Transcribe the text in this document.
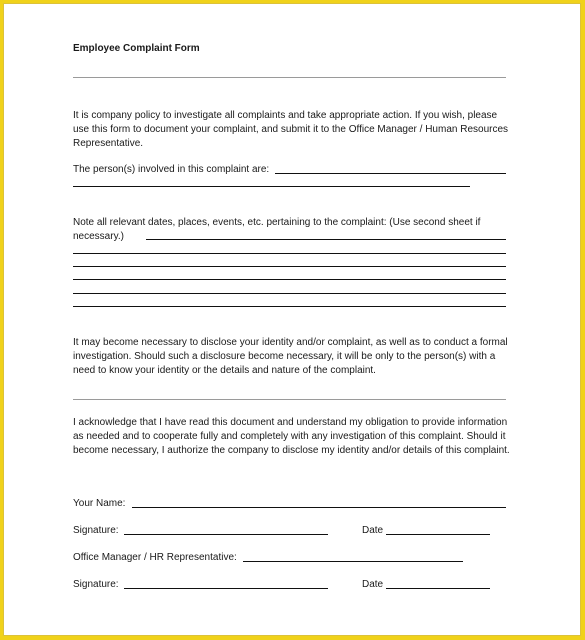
Employee Complaint Form
It is company policy to investigate all complaints and take appropriate action. If you wish, please use this form to document your complaint, and submit it to the Office Manager / Human Resources Representative.
The person(s) involved in this complaint are:
Note all relevant dates, places, events, etc. pertaining to the complaint: (Use second sheet if
necessary.)
It may become necessary to disclose your identity and/or complaint, as well as to conduct a formal investigation. Should such a disclosure become necessary, it will be only to the person(s) with a need to know your identity or the details and nature of the complaint.
I acknowledge that I have read this document and understand my obligation to provide information as needed and to cooperate fully and completely with any investigation of this complaint. Should it become necessary, I authorize the company to disclose my identity and/or details of this complaint.
Your Name:
Signature:	Date
Office Manager / HR Representative:
Signature:	Date
